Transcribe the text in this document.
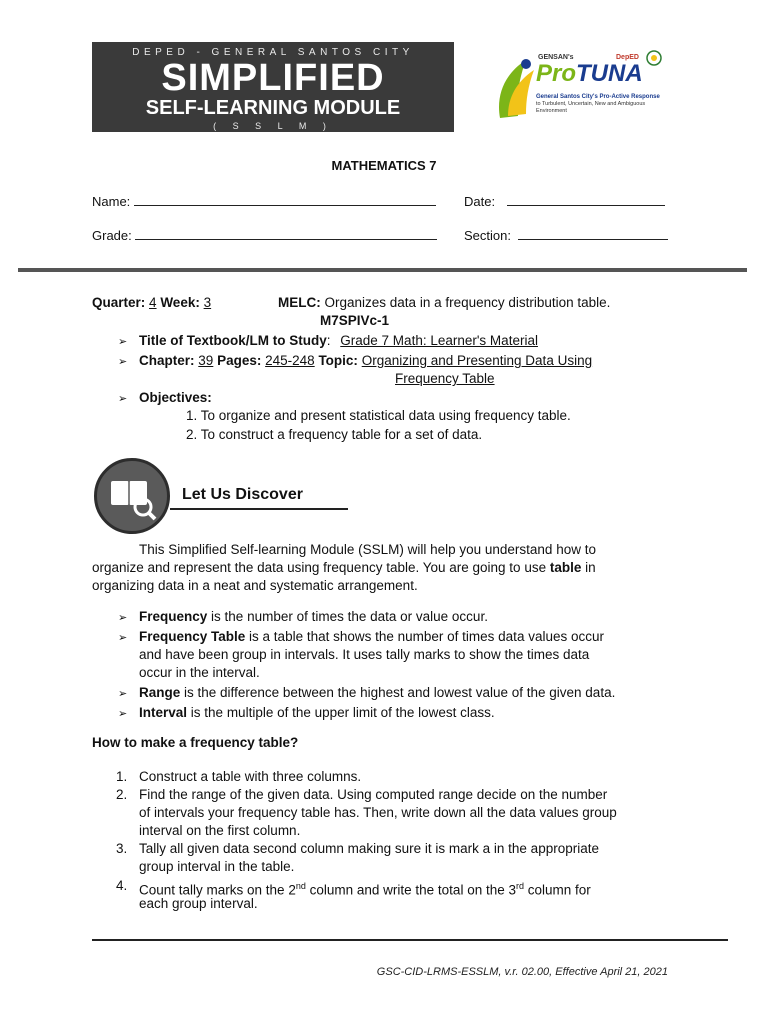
DEPED - GENERAL SANTOS CITY
SIMPLIFIED
SELF-LEARNING MODULE
( S S L M )
GENSAN's	DepED
ProTUNA
General Santos City's Pro-Active Response
to Turbulent, Uncertain, New and Ambiguous Environment
MATHEMATICS 7
Name:	Date:
Grade:	Section:
Quarter: 4 Week: 3	MELC: Organizes data in a frequency distribution table.
M7SPIVc-1
➢ Title of Textbook/LM to Study: Grade 7 Math: Learner's Material
➢ Chapter: 39 Pages: 245-248 Topic: Organizing and Presenting Data Using
Frequency Table
➢ Objectives:
1. To organize and present statistical data using frequency table.
2. To construct a frequency table for a set of data.
Let Us Discover
This Simplified Self-learning Module (SSLM) will help you understand how to
organize and represent the data using frequency table. You are going to use table in
organizing data in a neat and systematic arrangement.
➢ Frequency is the number of times the data or value occur.
➢ Frequency Table is a table that shows the number of times data values occur
and have been group in intervals. It uses tally marks to show the times data
occur in the interval.
➢ Range is the difference between the highest and lowest value of the given data.
➢ Interval is the multiple of the upper limit of the lowest class.
How to make a frequency table?
1. Construct a table with three columns.
2. Find the range of the given data. Using computed range decide on the number
of intervals your frequency table has. Then, write down all the data values group
interval on the first column.
3. Tally all given data second column making sure it is mark a in the appropriate
group interval in the table.
4. Count tally marks on the 2nd column and write the total on the 3rd column for
each group interval.
GSC-CID-LRMS-ESSLM, v.r. 02.00, Effective April 21, 2021
